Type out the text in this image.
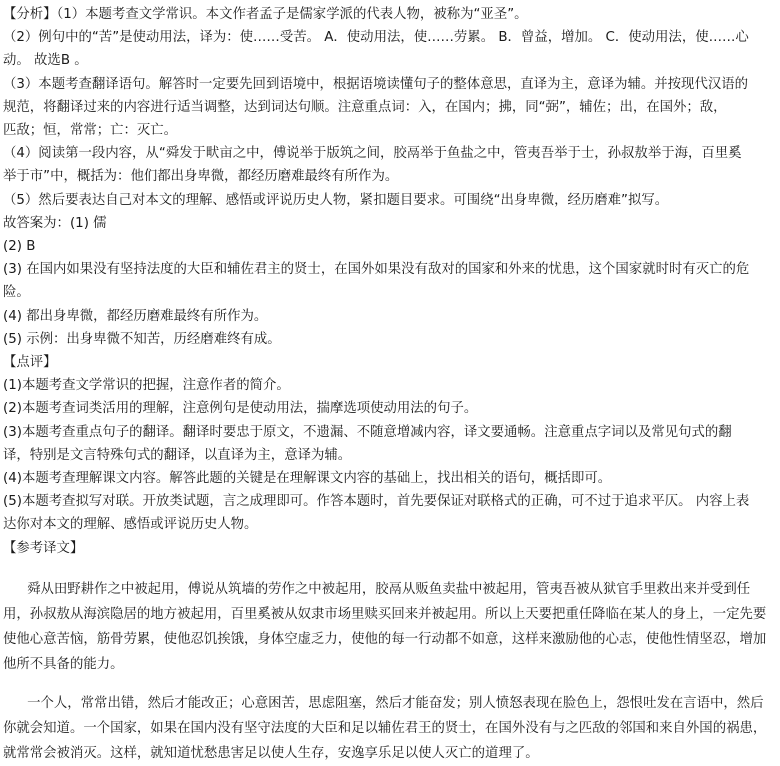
【分析】（1）本题考查文学常识。本文作者孟子是儒家学派的代表人物，被称为“亚圣”。
（2）例句中的“苦”是使动用法，译为：使……受苦。 A．使动用法，使……劳累。 B．曾益，增加。 C．使动用法，使……心
动。 故选B 。
（3）本题考查翻译语句。解答时一定要先回到语境中，根据语境读懂句子的整体意思，直译为主，意译为辅。并按现代汉语的
规范，将翻译过来的内容进行适当调整，达到词达句顺。注意重点词：入，在国内；拂，同“弼”，辅佐；出，在国外；敌，
匹敌；恒，常常；亡：灭亡。
（4）阅读第一段内容，从“舜发于畎亩之中，傅说举于版筑之间，胶鬲举于鱼盐之中，管夷吾举于士，孙叔敖举于海，百里奚
举于市”中，概括为：他们都出身卑微，都经历磨难最终有所作为。
（5）然后要表达自己对本文的理解、感悟或评说历史人物，紧扣题目要求。可围绕“出身卑微，经历磨难”拟写。
故答案为：(1) 儒
(2) B
(3) 在国内如果没有坚持法度的大臣和辅佐君主的贤士，在国外如果没有敌对的国家和外来的忧患，这个国家就时时有灭亡的危
险。
(4) 都出身卑微，都经历磨难最终有所作为。
(5) 示例：出身卑微不知苦，历经磨难终有成。
【点评】
(1)本题考查文学常识的把握，注意作者的简介。
(2)本题考查词类活用的理解，注意例句是使动用法，揣摩选项使动用法的句子。
(3)本题考查重点句子的翻译。翻译时要忠于原文，不遗漏、不随意增减内容，译文要通畅。注意重点字词以及常见句式的翻
译，特别是文言特殊句式的翻译，以直译为主，意译为辅。
(4)本题考查理解课文内容。解答此题的关键是在理解课文内容的基础上，找出相关的语句，概括即可。
(5)本题考查拟写对联。开放类试题，言之成理即可。作答本题时，首先要保证对联格式的正确，可不过于追求平仄。 内容上表
达你对本文的理解、感悟或评说历史人物。
【参考译文】

舜从田野耕作之中被起用，傅说从筑墙的劳作之中被起用，胶鬲从贩鱼卖盐中被起用，管夷吾被从狱官手里救出来并受到任用，孙叔敖从海滨隐居的地方被起用，百里奚被从奴隶市场里赎买回来并被起用。所以上天要把重任降临在某人的身上，一定先要使他心意苦恼，筋骨劳累，使他忍饥挨饿，身体空虚乏力，使他的每一行动都不如意，这样来激励他的心志，使他性情坚忍，增加他所不具备的能力。

一个人，常常出错，然后才能改正；心意困苦，思虑阻塞，然后才能奋发；别人愤怒表现在脸色上，怨恨吐发在言语中，然后你就会知道。一个国家，如果在国内没有坚守法度的大臣和足以辅佐君王的贤士，在国外没有与之匹敌的邻国和来自外国的祸患，就常常会被消灭。这样，就知道忧愁患害足以使人生存，安逸享乐足以使人灭亡的道理了。
